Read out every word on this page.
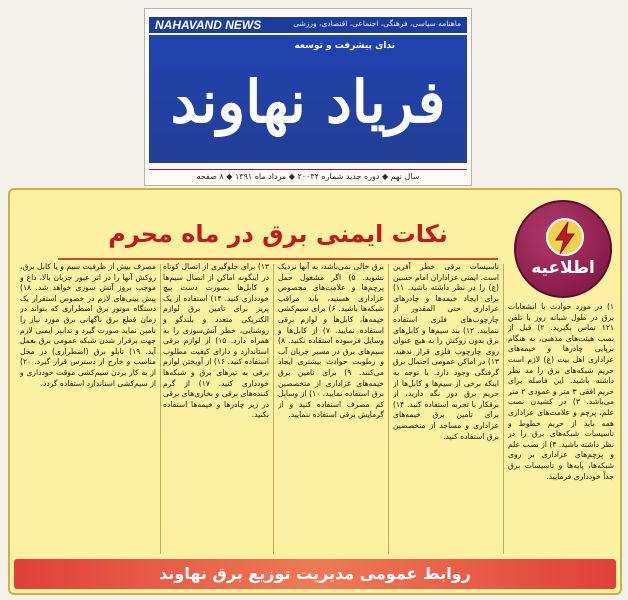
NAHAVAND NEWS	ماهنامه سیاسی، فرهنگی، اجتماعی، اقتصادی، ورزشی
ندای پیشرفت و توسعه
فریاد نهاوند
سال نهم ◆ دوره جدید شماره ۲۰۰۳۴ ◆ مرداد ماه ۱۳۹۱ ◆ ۸ صفحه
اطلاعیه
نکات ایمنی برق در ماه محرم
۱) در مورد حوادث یا انشعابات برق در طول شبانه روز با تلفن ۱۲۱ تماس بگیرید. ۲) قبل از نصب هیئت‌های مذهبی، به هنگام برپایی چادرها و خیمه‌های عزاداری اهل بیت (ع) لازم است حریم شبکه‌های برق را مد نظر داشته باشید. این فاصله برای حریم افقی ۳ متر و عمودی ۲ متر می‌باشد. ۳) در کشیدن نصب علم، پرچم و علامت‌های عزاداری همه باید از حریم خطوط و تاسیسات شبکه‌های برق را در نظر داشته باشید. ۴) از نصب علم و پرچم‌های عزاداری بر روی شبکه‌ها، پایه‌ها و تاسیسات برق جداً خودداری فرمایید.
تاسیسات برقی خطر آفرین است. ایمنی عزاداران امام حسین (ع) را در نظر داشته باشید. ۱۱) برای ایجاد خیمه‌ها و چادرهای عزاداری حتی المقدور از چارچوب‌های فلزی استفاده ننمایید. ۱۲) بند سیم‌ها و کابل‌های برق بدون روکش را به هیچ عنوان روی چارچوب فلزی قرار ندهید. ۱۳) در اماکن عمومی احتمال برق گرفتگی وجود دارد. با توجه به اینکه برخی از سیم‌ها و کابل‌ها از حریم برق دور نگه دارید، از برقکار با تجربه استفاده کنید. ۱۴) برای تامین برق خیمه‌های عزاداری و مساجد از متخصصین برق استفاده کنید.
برق خالی نمی‌باشد، به آنها نزدیک نشوید. ۵) اگر مشغول حمل پرچم‌ها و علامت‌های مخصوص عزاداری هستید، باید مراقب شبکه‌ها باشید. ۶) برای سیم‌کشی خیمه‌ها، کابل‌ها و لوازم برقی استفاده نمایید. ۷) از کابل‌ها و وسایل فرسوده استفاده نکنید. ۸) سیم‌های برق در مسیر جریان آب و رطوبت حوادث بیشتری ایجاد می‌کنند. ۹) برای تامین برق خیمه‌های عزاداری از متخصصین برق استفاده نمایید. ۱۰) از وسایل کم مصرف استفاده کنید و از گرمایش برقی استفاده ننمایید.
۱۳) برای جلوگیری از اتصال کوتاه در اینگونه اماکن از اتصال سیم‌ها و کابل‌ها بصورت دست پیچ خودداری کنید. ۱۴) استفاده از یک پریز برای تامین برق لوازم الکتریکی متعدد و بلندگو و روشنایی، خطر آتش‌سوزی را به همراه دارد. ۱۵) از لوازم برقی استاندارد و دارای کیفیت مطلوب استفاده کنید. ۱۶) از آویختن لوازم برقی به تیرهای برق و شبکه‌ها خودداری کنید. ۱۷) از گرم کننده‌های برقی و بخاری‌های برقی در زیر چادرها و خیمه‌ها استفاده نکنید.
مصرف بیش از ظرفیت سیم و یا کابل برق، روکش آنها را در اثر عبور جریان بالا، داغ و موجب بروز آتش سوزی خواهد شد. ۱۸) پیش بینی‌های لازم در خصوص استقرار یک دستگاه موتور برق اضطراری که بتواند در زمان قطع برق ناگهانی برق مورد نیاز را تامین نماید صورت گیرد و تدابیر ایمنی لازم جهت برقرار شدن شبکه عمومی برق بعمل آید. ۱۹) تابلو برق (اضطراری) در محل مناسب و خارج از دسترس قرار گیرد. ۲۰) از به کار بردن سیم‌کشی موقت خودداری و از سیم‌کشی استاندارد استفاده گردد.
روابط عمومی مدیریت توزیع برق نهاوند
